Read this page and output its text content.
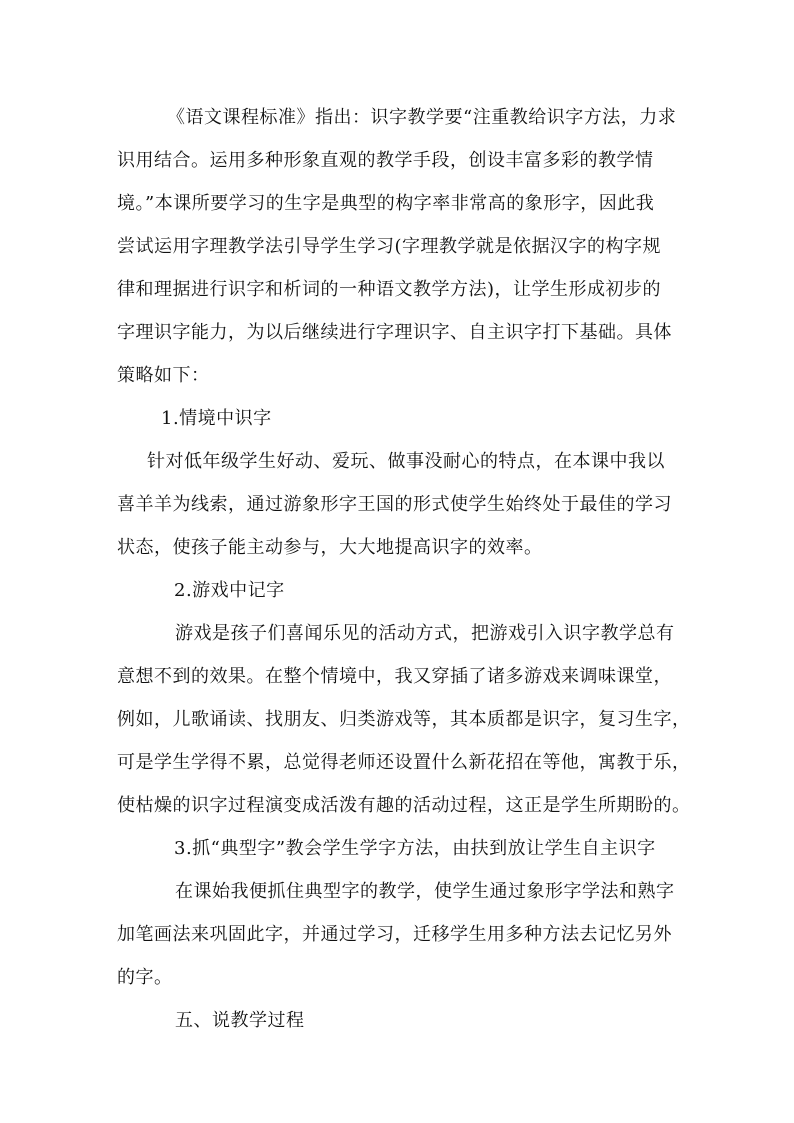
《语文课程标准》指出：识字教学要“注重教给识字方法，力求
识用结合。运用多种形象直观的教学手段，创设丰富多彩的教学情
境。”本课所要学习的生字是典型的构字率非常高的象形字，因此我
尝试运用字理教学法引导学生学习(字理教学就是依据汉字的构字规
律和理据进行识字和析词的一种语文教学方法)，让学生形成初步的
字理识字能力，为以后继续进行字理识字、自主识字打下基础。具体
策略如下：
1.情境中识字
针对低年级学生好动、爱玩、做事没耐心的特点，在本课中我以
喜羊羊为线索，通过游象形字王国的形式使学生始终处于最佳的学习
状态，使孩子能主动参与，大大地提高识字的效率。
2.游戏中记字
游戏是孩子们喜闻乐见的活动方式，把游戏引入识字教学总有
意想不到的效果。在整个情境中，我又穿插了诸多游戏来调味课堂，
例如，儿歌诵读、找朋友、归类游戏等，其本质都是识字，复习生字，
可是学生学得不累，总觉得老师还设置什么新花招在等他，寓教于乐，
使枯燥的识字过程演变成活泼有趣的活动过程，这正是学生所期盼的。
3.抓“典型字”教会学生学字方法，由扶到放让学生自主识字
在课始我便抓住典型字的教学，使学生通过象形字学法和熟字
加笔画法来巩固此字，并通过学习，迁移学生用多种方法去记忆另外
的字。
五、说教学过程
